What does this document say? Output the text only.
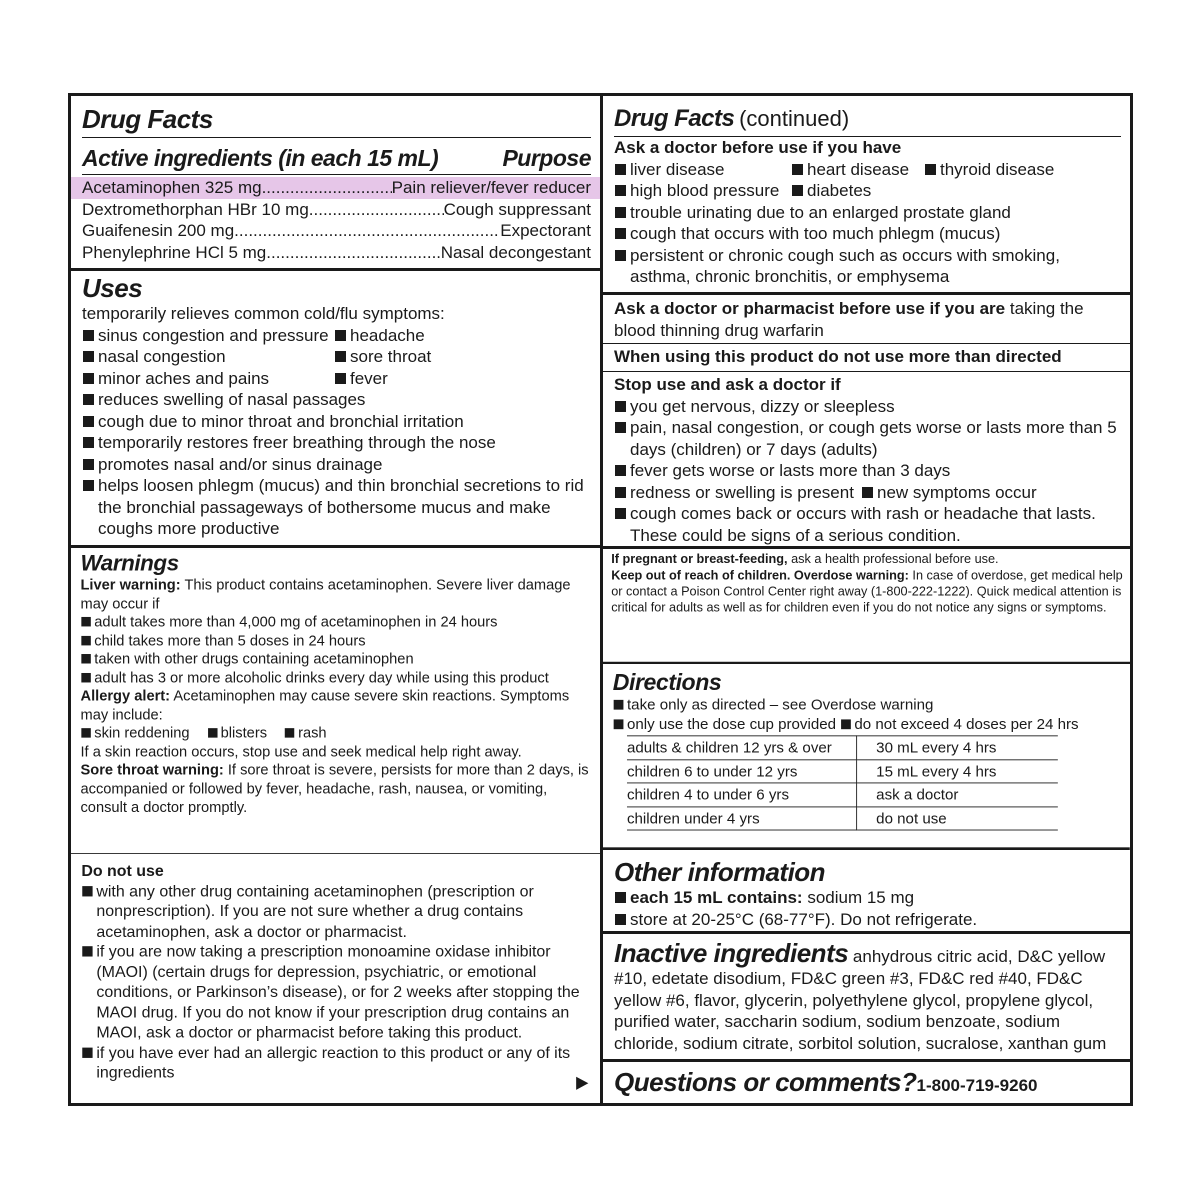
Drug Facts
Active ingredients (in each 15 mL)	Purpose
Acetaminophen 325 mg .....	Pain reliever/fever reducer
Dextromethorphan HBr 10 mg .....	Cough suppressant
Guaifenesin 200 mg .....	Expectorant
Phenylephrine HCl 5 mg .....	Nasal decongestant
Uses
temporarily relieves common cold/flu symptoms:
sinus congestion and pressure	headache
nasal congestion	sore throat
minor aches and pains	fever
reduces swelling of nasal passages
cough due to minor throat and bronchial irritation
temporarily restores freer breathing through the nose
promotes nasal and/or sinus drainage
helps loosen phlegm (mucus) and thin bronchial secretions to rid the bronchial passageways of bothersome mucus and make coughs more productive
Warnings
Liver warning: This product contains acetaminophen. Severe liver damage may occur if
adult takes more than 4,000 mg of acetaminophen in 24 hours
child takes more than 5 doses in 24 hours
taken with other drugs containing acetaminophen
adult has 3 or more alcoholic drinks every day while using this product
Allergy alert: Acetaminophen may cause severe skin reactions. Symptoms may include:
skin reddening blisters rash
If a skin reaction occurs, stop use and seek medical help right away.
Sore throat warning: If sore throat is severe, persists for more than 2 days, is accompanied or followed by fever, headache, rash, nausea, or vomiting, consult a doctor promptly.
Do not use
with any other drug containing acetaminophen (prescription or nonprescription). If you are not sure whether a drug contains acetaminophen, ask a doctor or pharmacist.
if you are now taking a prescription monoamine oxidase inhibitor (MAOI) (certain drugs for depression, psychiatric, or emotional conditions, or Parkinson’s disease), or for 2 weeks after stopping the MAOI drug. If you do not know if your prescription drug contains an MAOI, ask a doctor or pharmacist before taking this product.
if you have ever had an allergic reaction to this product or any of its ingredients
Drug Facts (continued)
Ask a doctor before use if you have
liver disease	heart disease thyroid disease
high blood pressure diabetes
trouble urinating due to an enlarged prostate gland
cough that occurs with too much phlegm (mucus)
persistent or chronic cough such as occurs with smoking, asthma, chronic bronchitis, or emphysema
Ask a doctor or pharmacist before use if you are taking the blood thinning drug warfarin
When using this product do not use more than directed
Stop use and ask a doctor if
you get nervous, dizzy or sleepless
pain, nasal congestion, or cough gets worse or lasts more than 5 days (children) or 7 days (adults)
fever gets worse or lasts more than 3 days
redness or swelling is present new symptoms occur
cough comes back or occurs with rash or headache that lasts. These could be signs of a serious condition.
If pregnant or breast-feeding, ask a health professional before use.
Keep out of reach of children. Overdose warning: In case of overdose, get medical help or contact a Poison Control Center right away (1-800-222-1222). Quick medical attention is critical for adults as well as for children even if you do not notice any signs or symptoms.
Directions
take only as directed – see Overdose warning
only use the dose cup provided do not exceed 4 doses per 24 hrs
adults & children 12 yrs & over	30 mL every 4 hrs
children 6 to under 12 yrs	15 mL every 4 hrs
children 4 to under 6 yrs	ask a doctor
children under 4 yrs	do not use
Other information
each 15 mL contains: sodium 15 mg
store at 20-25°C (68-77°F). Do not refrigerate.
Inactive ingredients anhydrous citric acid, D&C yellow #10, edetate disodium, FD&C green #3, FD&C red #40, FD&C yellow #6, flavor, glycerin, polyethylene glycol, propylene glycol, purified water, saccharin sodium, sodium benzoate, sodium chloride, sodium citrate, sorbitol solution, sucralose, xanthan gum
Questions or comments?1-800-719-9260
